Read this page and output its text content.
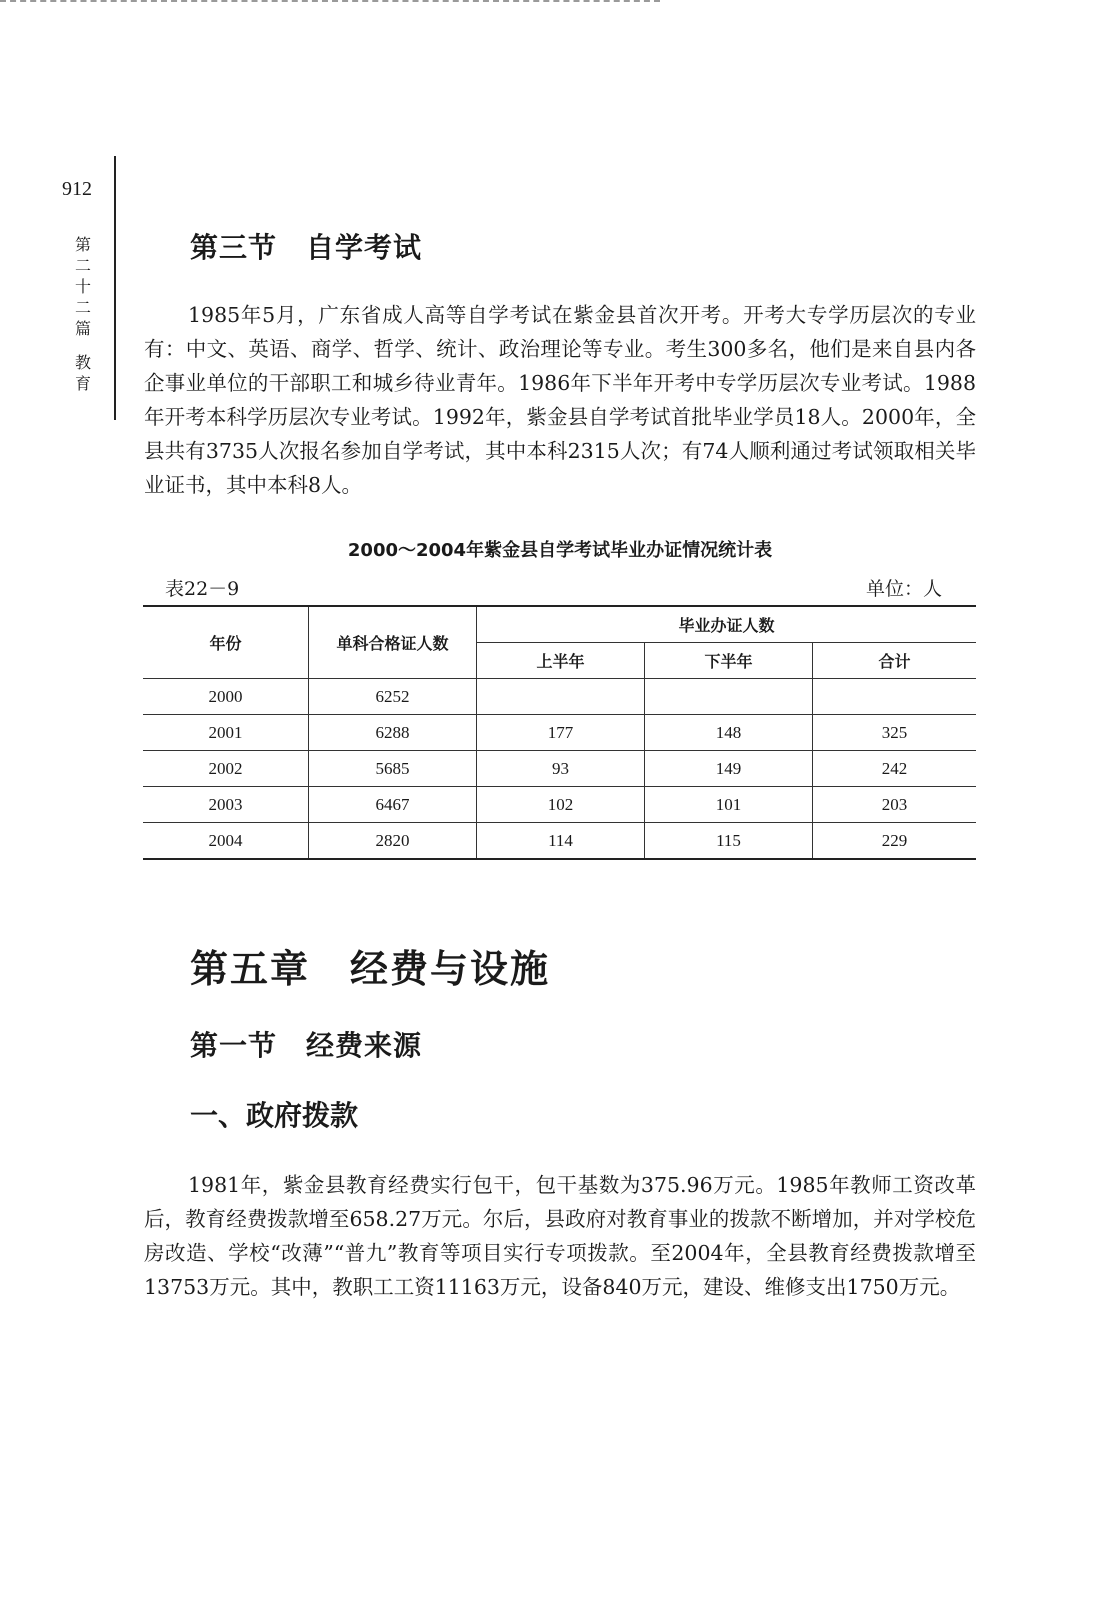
912
第二十二篇
教育
第三节　自学考试

1985年5月，广东省成人高等自学考试在紫金县首次开考。开考大专学历层次的专业有：中文、英语、商学、哲学、统计、政治理论等专业。考生300多名，他们是来自县内各企事业单位的干部职工和城乡待业青年。1986年下半年开考中专学历层次专业考试。1988年开考本科学历层次专业考试。1992年，紫金县自学考试首批毕业学员18人。2000年，全县共有3735人次报名参加自学考试，其中本科2315人次；有74人顺利通过考试领取相关毕业证书，其中本科8人。

2000～2004年紫金县自学考试毕业办证情况统计表

表22－9	单位：人
年份	单科合格证人数	毕业办证人数		
		上半年	下半年	合计
2000	6252			
2001	6288	177	148	325
2002	5685	93	149	242
2003	6467	102	101	203
2004	2820	114	115	229
第五章　经费与设施
第一节　经费来源
一、政府拨款

1981年，紫金县教育经费实行包干，包干基数为375.96万元。1985年教师工资改革后，教育经费拨款增至658.27万元。尔后，县政府对教育事业的拨款不断增加，并对学校危房改造、学校“改薄”“普九”教育等项目实行专项拨款。至2004年，全县教育经费拨款增至13753万元。其中，教职工工资11163万元，设备840万元，建设、维修支出1750万元。
